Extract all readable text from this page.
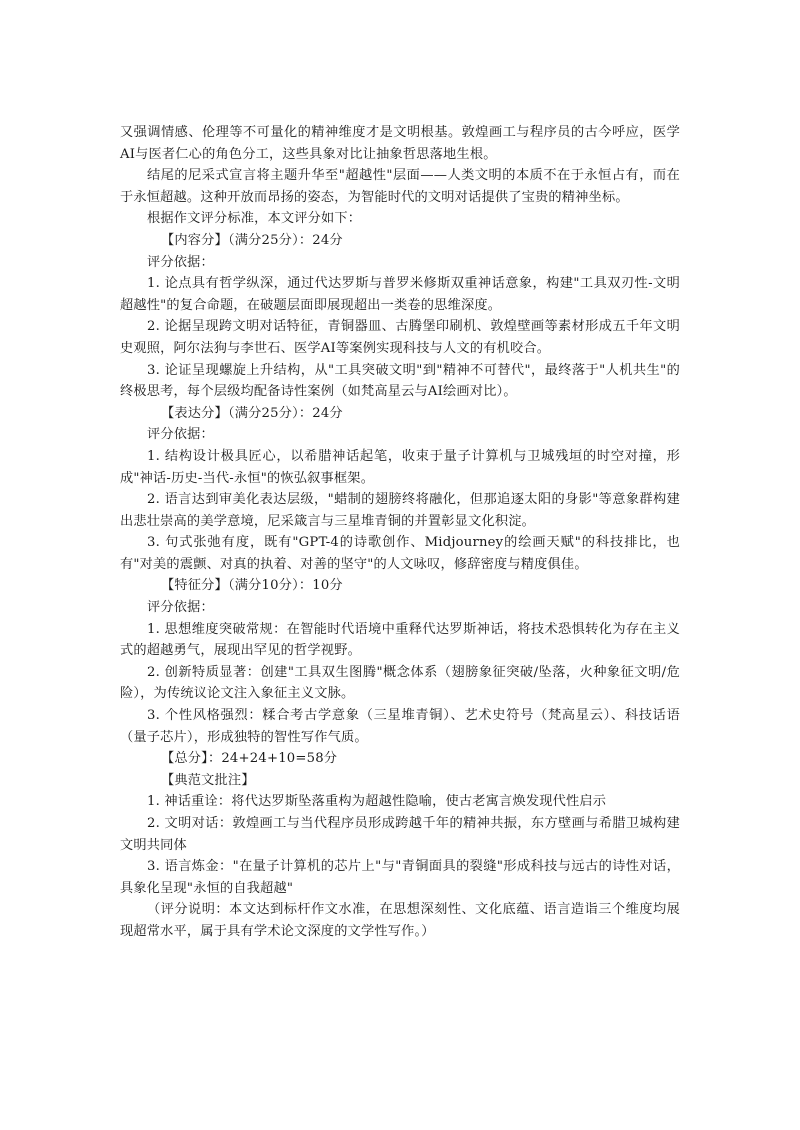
又强调情感、伦理等不可量化的精神维度才是文明根基。敦煌画工与程序员的古今呼应，医学AI与医者仁心的角色分工，这些具象对比让抽象哲思落地生根。

结尾的尼采式宣言将主题升华至"超越性"层面——人类文明的本质不在于永恒占有，而在于永恒超越。这种开放而昂扬的姿态，为智能时代的文明对话提供了宝贵的精神坐标。

根据作文评分标准，本文评分如下：

【内容分】（满分25分）：24分

评分依据：

1. 论点具有哲学纵深，通过代达罗斯与普罗米修斯双重神话意象，构建"工具双刃性-文明超越性"的复合命题，在破题层面即展现超出一类卷的思维深度。

2. 论据呈现跨文明对话特征，青铜器皿、古腾堡印刷机、敦煌壁画等素材形成五千年文明史观照，阿尔法狗与李世石、医学AI等案例实现科技与人文的有机咬合。

3. 论证呈现螺旋上升结构，从"工具突破文明"到"精神不可替代"，最终落于"人机共生"的终极思考，每个层级均配备诗性案例（如梵高星云与AI绘画对比）。

【表达分】（满分25分）：24分

评分依据：

1. 结构设计极具匠心，以希腊神话起笔，收束于量子计算机与卫城残垣的时空对撞，形成"神话-历史-当代-永恒"的恢弘叙事框架。

2. 语言达到审美化表达层级，"蜡制的翅膀终将融化，但那追逐太阳的身影"等意象群构建出悲壮崇高的美学意境，尼采箴言与三星堆青铜的并置彰显文化积淀。

3. 句式张弛有度，既有"GPT-4的诗歌创作、Midjourney的绘画天赋"的科技排比，也有"对美的震颤、对真的执着、对善的坚守"的人文咏叹，修辞密度与精度俱佳。

【特征分】（满分10分）：10分

评分依据：

1. 思想维度突破常规：在智能时代语境中重释代达罗斯神话，将技术恐惧转化为存在主义式的超越勇气，展现出罕见的哲学视野。

2. 创新特质显著：创建"工具双生图腾"概念体系（翅膀象征突破/坠落，火种象征文明/危险），为传统议论文注入象征主义文脉。

3. 个性风格强烈：糅合考古学意象（三星堆青铜）、艺术史符号（梵高星云）、科技话语（量子芯片），形成独特的智性写作气质。

【总分】：24+24+10=58分

【典范文批注】

1. 神话重诠：将代达罗斯坠落重构为超越性隐喻，使古老寓言焕发现代性启示

2. 文明对话：敦煌画工与当代程序员形成跨越千年的精神共振，东方壁画与希腊卫城构建文明共同体

3. 语言炼金："在量子计算机的芯片上"与"青铜面具的裂缝"形成科技与远古的诗性对话，具象化呈现"永恒的自我超越"

（评分说明：本文达到标杆作文水准，在思想深刻性、文化底蕴、语言造诣三个维度均展现超常水平，属于具有学术论文深度的文学性写作。）
